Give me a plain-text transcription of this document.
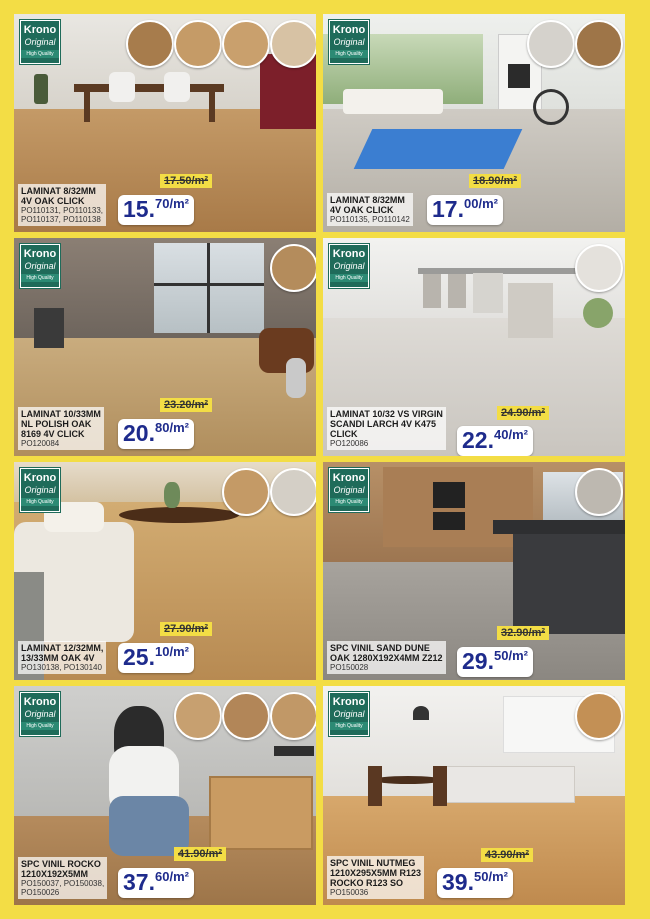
Krono
Original
High Quality
LAMINAT 8/32MM
4V OAK CLICK
PO110131, PO110133,
PO110137, PO110138
17.50/m²
15.$^{70/m^2}$
Krono
Original
High Quality
LAMINAT 8/32MM
4V OAK CLICK
PO110135, PO110142
18.90/m²
17.$^{00/m^2}$
Krono
Original
High Quality
LAMINAT 10/33MM
NL POLISH OAK
8169 4V CLICK
PO120084
23.20/m²
20.$^{80/m^2}$
Krono
Original
High Quality
LAMINAT 10/32 VS VIRGIN
SCANDI LARCH 4V K475
CLICK
PO120086
24.90/m²
22.$^{40/m^2}$
Krono
Original
High Quality
LAMINAT 12/32MM,
13/33MM OAK 4V
PO130138, PO130140
27.90/m²
25.$^{10/m^2}$
Krono
Original
High Quality
SPC VINIL SAND DUNE
OAK 1280X192X4MM Z212
PO150028
32.90/m²
29.$^{50/m^2}$
Krono
Original
High Quality
SPC VINIL ROCKO
1210X192X5MM
PO150037, PO150038,
PO150026
41.90/m²
37.$^{60/m^2}$
Krono
Original
High Quality
SPC VINIL NUTMEG
1210X295X5MM R123
ROCKO R123 SO
PO150036
43.90/m²
39.$^{50/m^2}$
